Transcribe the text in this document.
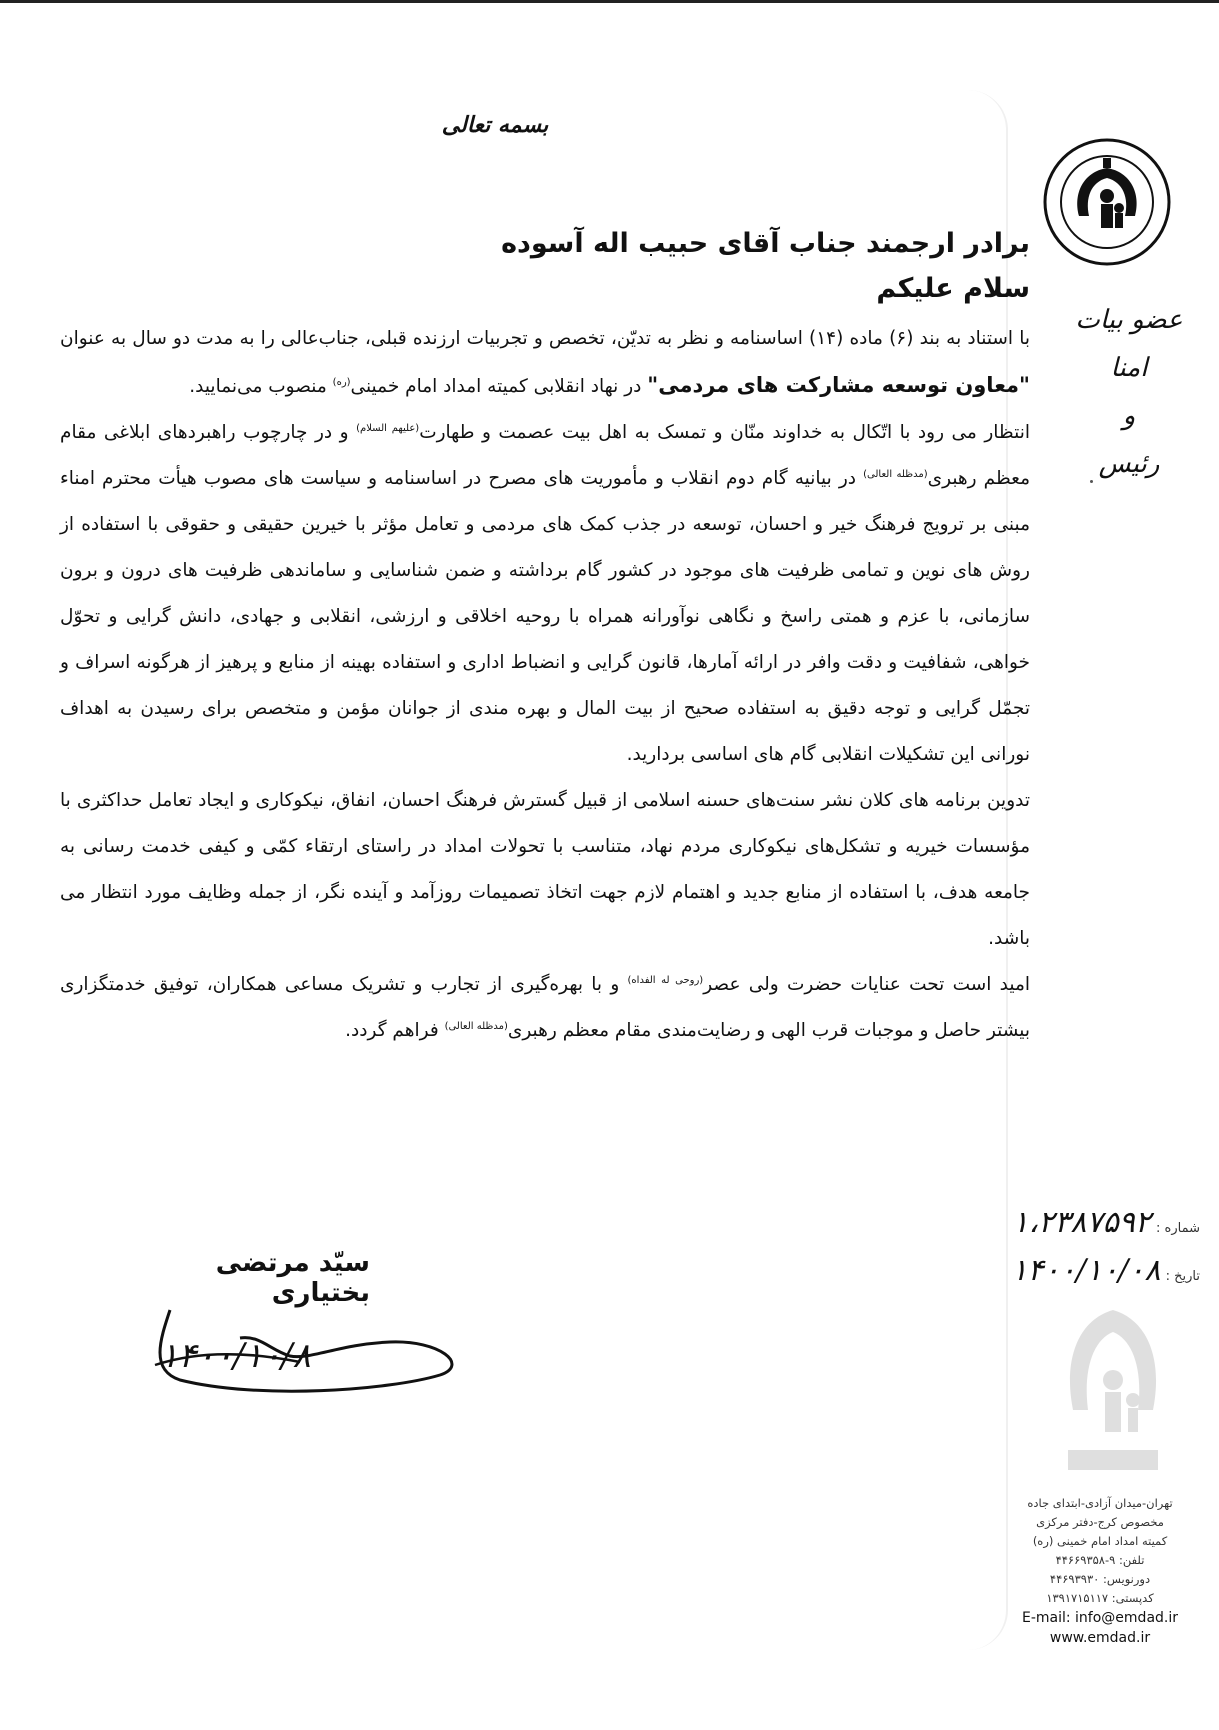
بسمه تعالی
عضو بیات امنا
و
رئیس
برادر ارجمند جناب آقای حبیب اله آسوده
سلام علیکم

با استناد به بند (۶) ماده (۱۴) اساسنامه و نظر به تدیّن، تخصص و تجربیات ارزنده قبلی، جناب‌عالی را به مدت دو سال به عنوان "معاون توسعه مشارکت های مردمی" در نهاد انقلابی کمیته امداد امام خمینی$^{(ره)}$ منصوب می‌نمایید.

انتظار می رود با اتّکال به خداوند منّان و تمسک به اهل بیت عصمت و طهارت$^{(علیهم السلام)}$ و در چارچوب راهبردهای ابلاغی مقام معظم رهبری$^{(مدظله العالی)}$ در بیانیه گام دوم انقلاب و مأموریت های مصرح در اساسنامه و سیاست های مصوب هیأت محترم امناء مبنی بر ترویج فرهنگ خیر و احسان، توسعه در جذب کمک های مردمی و تعامل مؤثر با خیرین حقیقی و حقوقی با استفاده از روش های نوین و تمامی ظرفیت های موجود در کشور گام برداشته و ضمن شناسایی و ساماندهی ظرفیت های درون و برون سازمانی، با عزم و همتی راسخ و نگاهی نوآورانه همراه با روحیه اخلاقی و ارزشی، انقلابی و جهادی، دانش گرایی و تحوّل خواهی، شفافیت و دقت وافر در ارائه آمارها، قانون گرایی و انضباط اداری و استفاده بهینه از منابع و پرهیز از هرگونه اسراف و تجمّل گرایی و توجه دقیق به استفاده صحیح از بیت المال و بهره مندی از جوانان مؤمن و متخصص برای رسیدن به اهداف نورانی این تشکیلات انقلابی گام های اساسی بردارید.

تدوین برنامه های کلان نشر سنت‌های حسنه اسلامی از قبیل گسترش فرهنگ احسان، انفاق، نیکوکاری و ایجاد تعامل حداکثری با مؤسسات خیریه و تشکل‌های نیکوکاری مردم نهاد، متناسب با تحولات امداد در راستای ارتقاء کمّی و کیفی خدمت رسانی به جامعه هدف، با استفاده از منابع جدید و اهتمام لازم جهت اتخاذ تصمیمات روزآمد و آینده نگر، از جمله وظایف مورد انتظار می باشد.

امید است تحت عنایات حضرت ولی عصر$^{(روحی له الفداه)}$ و با بهره‌گیری از تجارب و تشریک مساعی همکاران، توفیق خدمتگزاری بیشتر حاصل و موجبات قرب الهی و رضایت‌مندی مقام معظم رهبری$^{(مدظله العالی)}$ فراهم گردد.

شماره : ۱،۲۳۸۷۵۹۲
تاریخ : ۱۴۰۰/۱۰/۰۸
سیّد مرتضی بختیاری
۱۴۰۰/۱۰/۸
تهران-میدان آزادی-ابتدای جاده
مخصوص کرج-دفتر مرکزی
کمیته امداد امام خمینی (ره)
تلفن: ۹-۴۴۶۶۹۳۵۸
دورنویس: ۴۴۶۹۳۹۳۰
کدپستی: ۱۳۹۱۷۱۵۱۱۷
E-mail: info@emdad.ir
www.emdad.ir
